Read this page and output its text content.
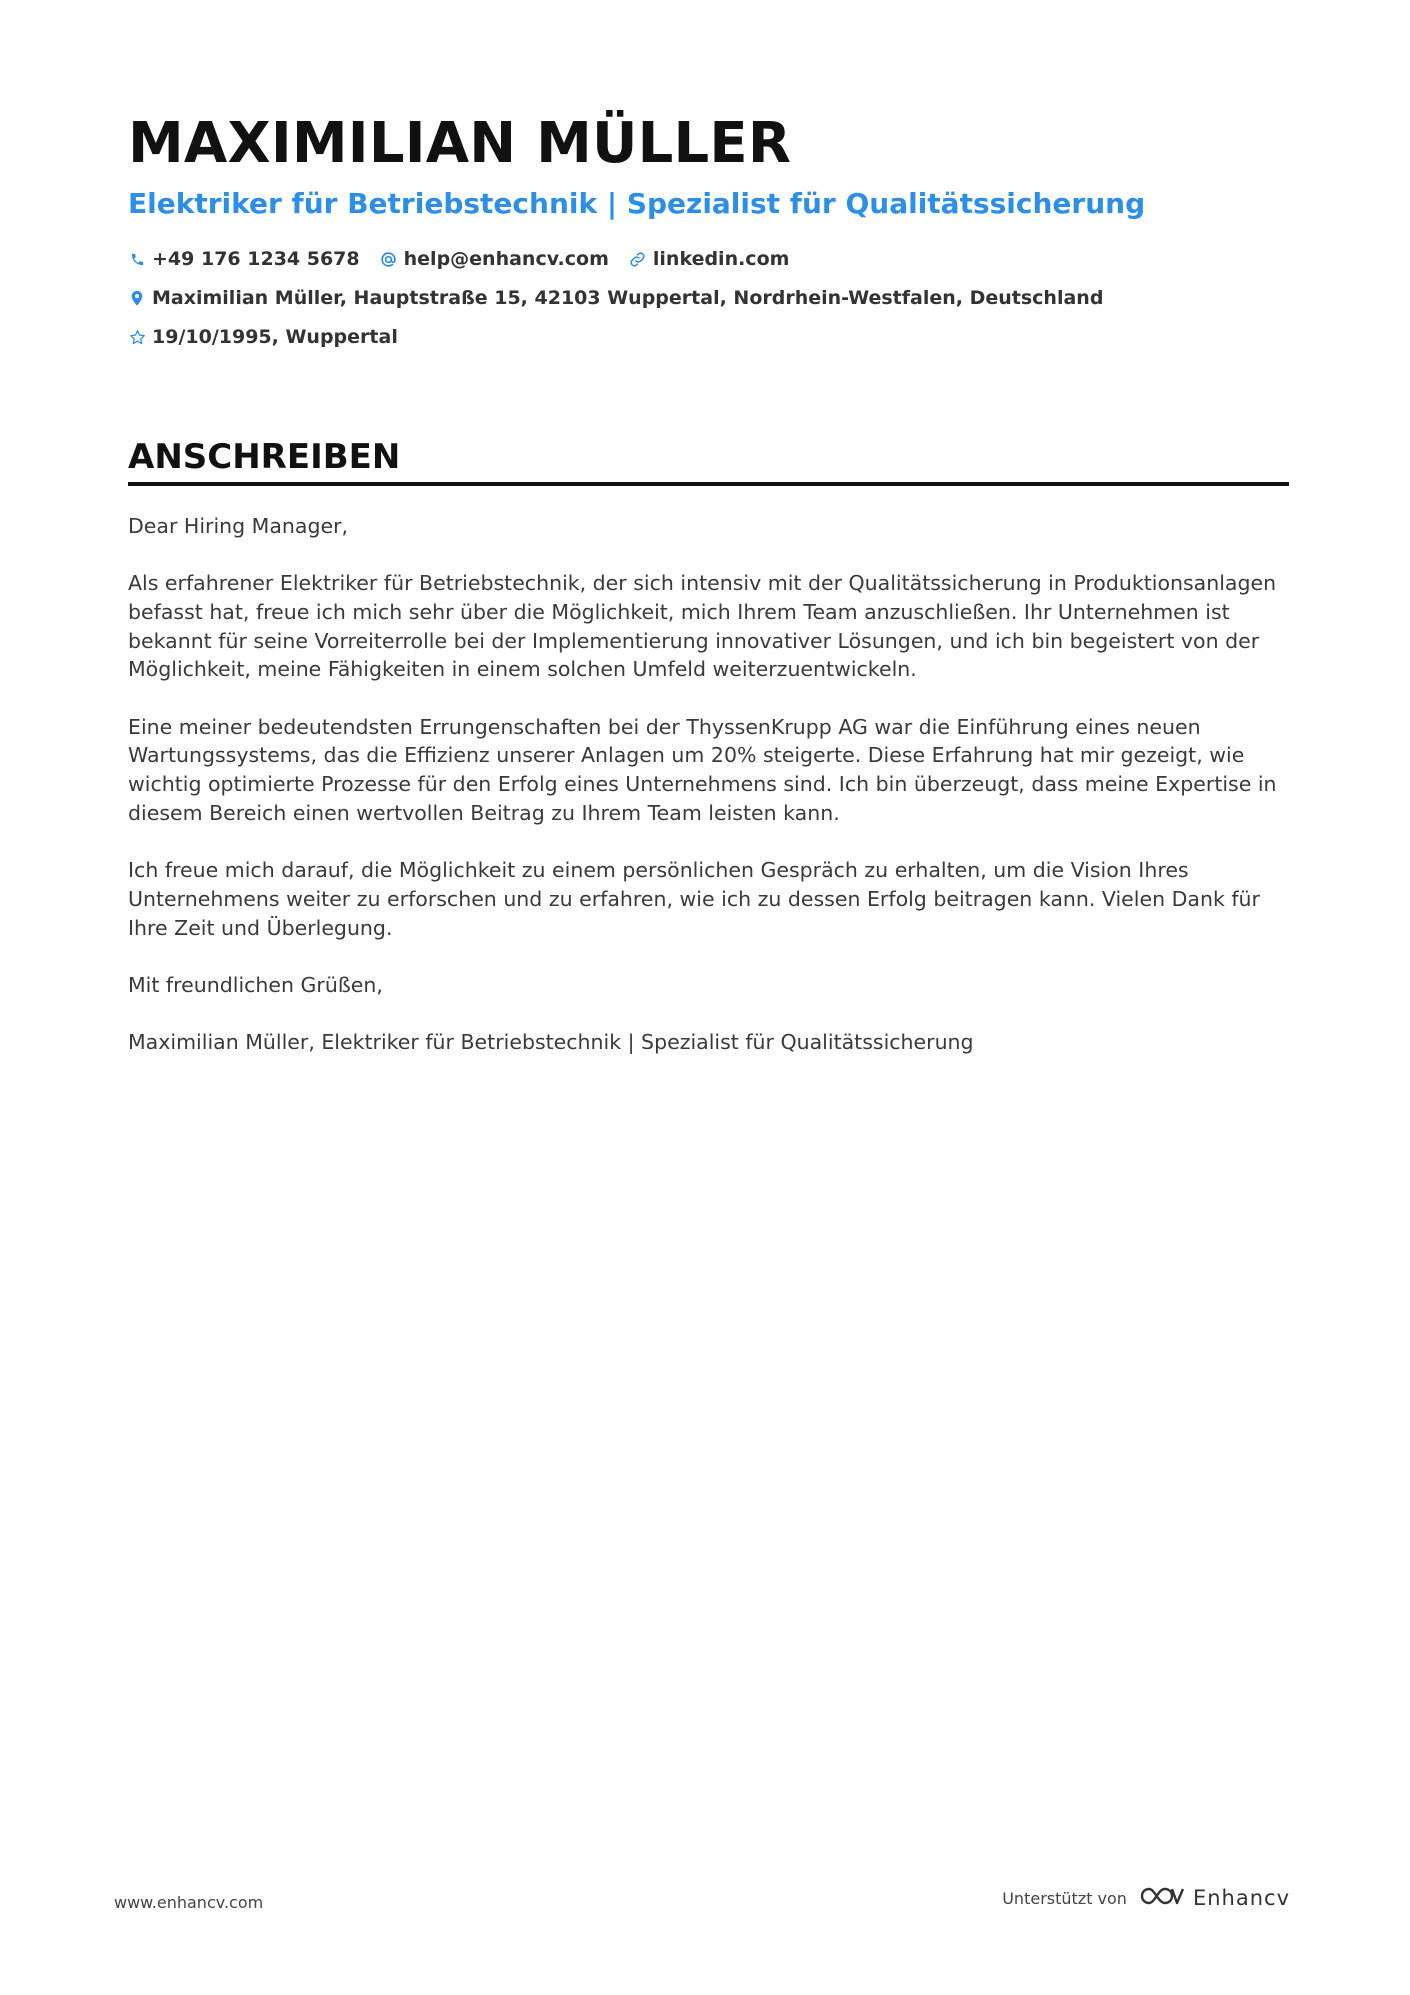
MAXIMILIAN MÜLLER
Elektriker für Betriebstechnik | Spezialist für Qualitätssicherung
+49 176 1234 5678 help@enhancv.com linkedin.com
Maximilian Müller, Hauptstraße 15, 42103 Wuppertal, Nordrhein-Westfalen, Deutschland
19/10/1995, Wuppertal
ANSCHREIBEN

Dear Hiring Manager,

Als erfahrener Elektriker für Betriebstechnik, der sich intensiv mit der Qualitätssicherung in Produktionsanlagen befasst hat, freue ich mich sehr über die Möglichkeit, mich Ihrem Team anzuschließen. Ihr Unternehmen ist bekannt für seine Vorreiterrolle bei der Implementierung innovativer Lösungen, und ich bin begeistert von der Möglichkeit, meine Fähigkeiten in einem solchen Umfeld weiterzuentwickeln.

Eine meiner bedeutendsten Errungenschaften bei der ThyssenKrupp AG war die Einführung eines neuen Wartungssystems, das die Effizienz unserer Anlagen um 20% steigerte. Diese Erfahrung hat mir gezeigt, wie wichtig optimierte Prozesse für den Erfolg eines Unternehmens sind. Ich bin überzeugt, dass meine Expertise in diesem Bereich einen wertvollen Beitrag zu Ihrem Team leisten kann.

Ich freue mich darauf, die Möglichkeit zu einem persönlichen Gespräch zu erhalten, um die Vision Ihres Unternehmens weiter zu erforschen und zu erfahren, wie ich zu dessen Erfolg beitragen kann. Vielen Dank für Ihre Zeit und Überlegung.

Mit freundlichen Grüßen,

Maximilian Müller, Elektriker für Betriebstechnik | Spezialist für Qualitätssicherung

www.enhancv.com	Unterstützt von	Enhancv
